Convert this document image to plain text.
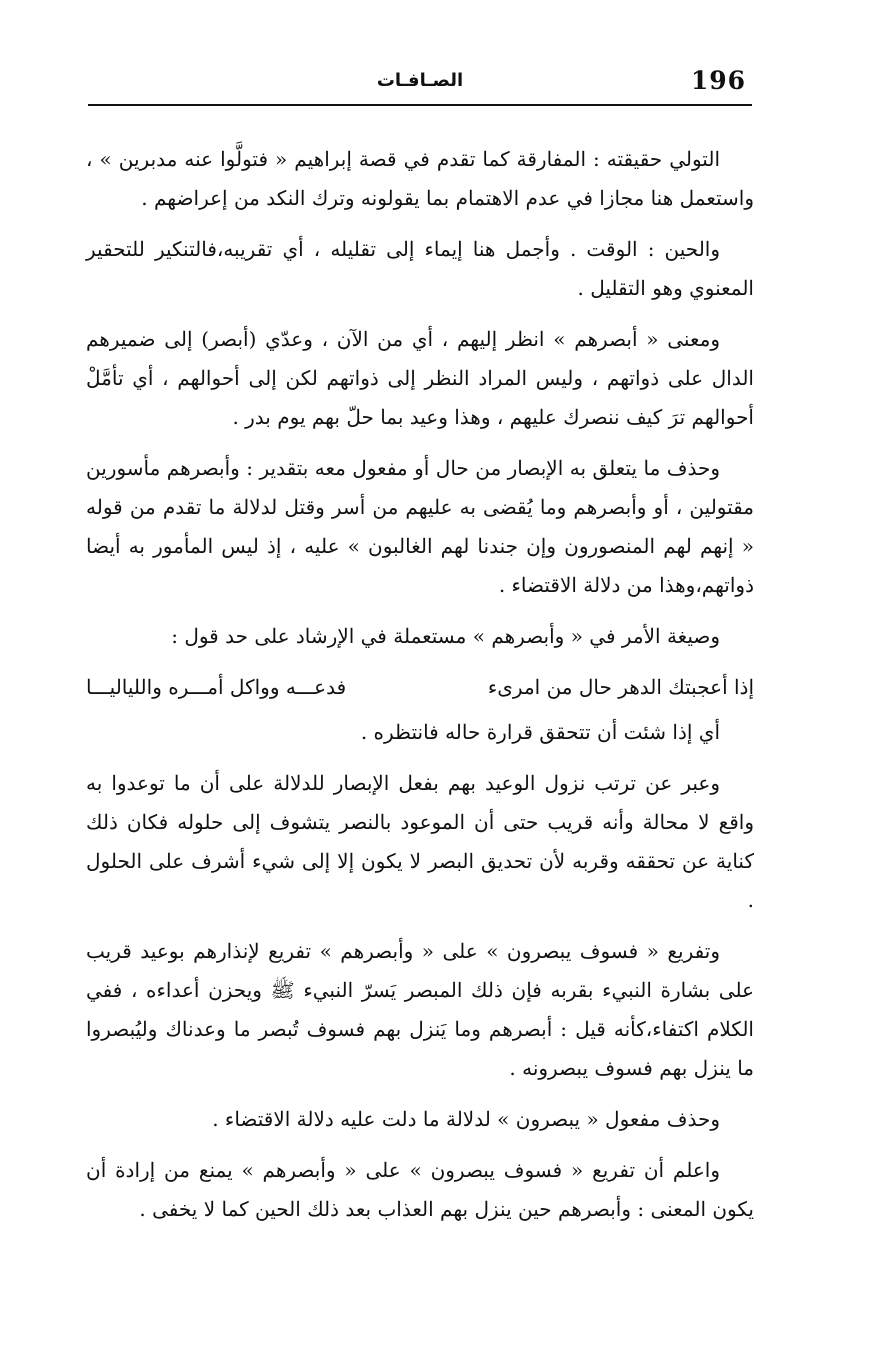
196
الصـافـات

التولي حقيقته : المفارقة كما تقدم في قصة إبراهيم « فتولَّوا عنه مدبرين » ، واستعمل هنا مجازا في عدم الاهتمام بما يقولونه وترك النكد من إعراضهم .

والحين : الوقت . وأجمل هنا إيماء إلى تقليله ، أي تقريبه،فالتنكير للتحقير المعنوي وهو التقليل .

ومعنى « أبصرهم » انظر إليهم ، أي من الآن ، وعدّي (أبصر) إلى ضميرهم الدال على ذواتهم ، وليس المراد النظر إلى ذواتهم لكن إلى أحوالهم ، أي تأمَّلْ أحوالهم ترَ كيف ننصرك عليهم ، وهذا وعيد بما حلّ بهم يوم بدر .

وحذف ما يتعلق به الإبصار من حال أو مفعول معه بتقدير : وأبصرهم مأسورين مقتولين ، أو وأبصرهم وما يُقضى به عليهم من أسر وقتل لدلالة ما تقدم من قوله « إنهم لهم المنصورون وإن جندنا لهم الغالبون » عليه ، إذ ليس المأمور به أيضا ذواتهم،وهذا من دلالة الاقتضاء .

وصيغة الأمر في « وأبصرهم » مستعملة في الإرشاد على حد قول :

إذا أعجبتك الدهر حال من امرىء
فدعـــه وواكل أمـــره واللياليـــا

أي إذا شئت أن تتحقق قرارة حاله فانتظره .

وعبر عن ترتب نزول الوعيد بهم بفعل الإبصار للدلالة على أن ما توعدوا به واقع لا محالة وأنه قريب حتى أن الموعود بالنصر يتشوف إلى حلوله فكان ذلك كناية عن تحققه وقربه لأن تحديق البصر لا يكون إلا إلى شيء أشرف على الحلول .

وتفريع « فسوف يبصرون » على « وأبصرهم » تفريع لإنذارهم بوعيد قريب على بشارة النبيء بقربه فإن ذلك المبصر يَسرّ النبيء ﷺ ويحزن أعداءه ، ففي الكلام اكتفاء،كأنه قيل : أبصرهم وما يَنزل بهم فسوف تُبصر ما وعدناك وليُبصروا ما ينزل بهم فسوف يبصرونه .

وحذف مفعول « يبصرون » لدلالة ما دلت عليه دلالة الاقتضاء .

واعلم أن تفريع « فسوف يبصرون » على « وأبصرهم » يمنع من إرادة أن يكون المعنى : وأبصرهم حين ينزل بهم العذاب بعد ذلك الحين كما لا يخفى .
